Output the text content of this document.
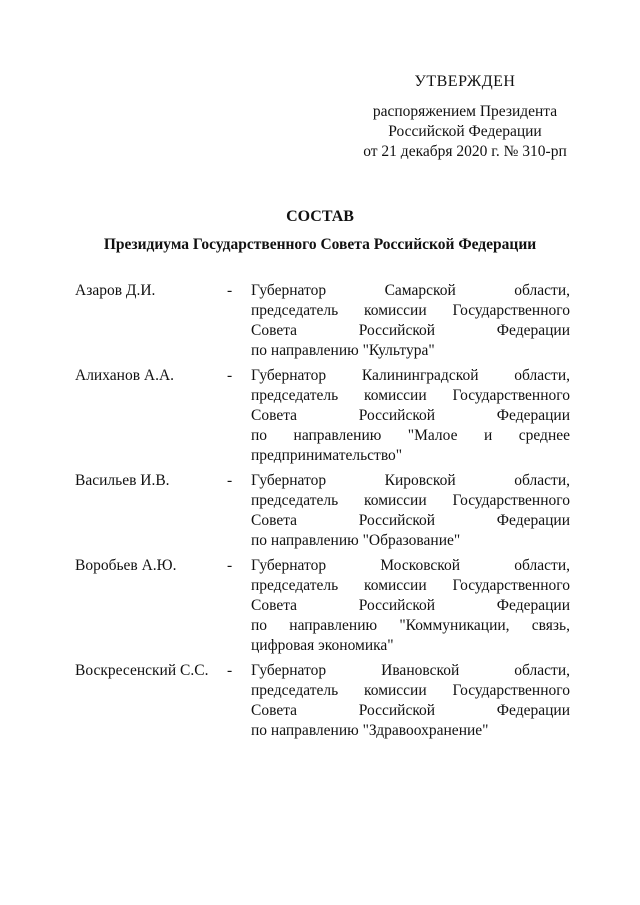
УТВЕРЖДЕН
распоряжением Президента
Российской Федерации
от 21 декабря 2020 г. № 310-рп
СОСТАВ
Президиума Государственного Совета Российской Федерации
Азаров Д.И.	- Губернатор Самарской области,
председатель комиссии Государственного
Совета Российской Федерации
по направлению "Культура"
Алиханов А.А.	- Губернатор Калининградской области,
председатель комиссии Государственного
Совета Российской Федерации
по направлению "Малое и среднее
предпринимательство"
Васильев И.В.	- Губернатор Кировской области,
председатель комиссии Государственного
Совета Российской Федерации
по направлению "Образование"
Воробьев А.Ю.	- Губернатор Московской области,
председатель комиссии Государственного
Совета Российской Федерации
по направлению "Коммуникации, связь,
цифровая экономика"
Воскресенский С.С.	- Губернатор Ивановской области,
председатель комиссии Государственного
Совета Российской Федерации
по направлению "Здравоохранение"
